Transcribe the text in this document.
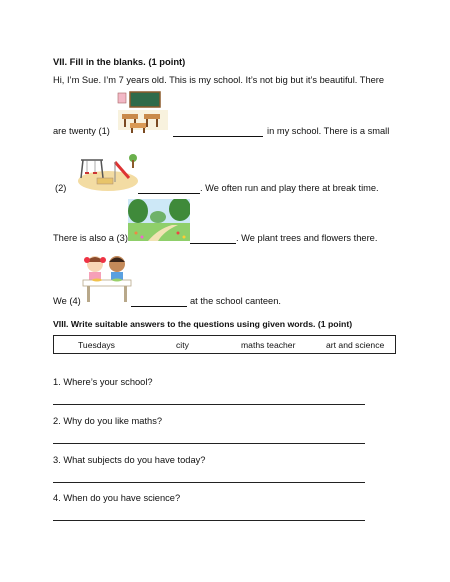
VII. Fill in the blanks. (1 point)
Hi, I’m Sue. I’m 7 years old. This is my school. It’s not big but it’s beautiful. There
are twenty (1)	in my school. There is a small
(2)	. We often run and play there at break time.
There is also a (3)	. We plant trees and flowers there.
We (4)	at the school canteen.
VIII. Write suitable answers to the questions using given words. (1 point)
Tuesdays	city	maths teacher	art and science
1. Where’s your school?
2. Why do you like maths?
3. What subjects do you have today?
4. When do you have science?
